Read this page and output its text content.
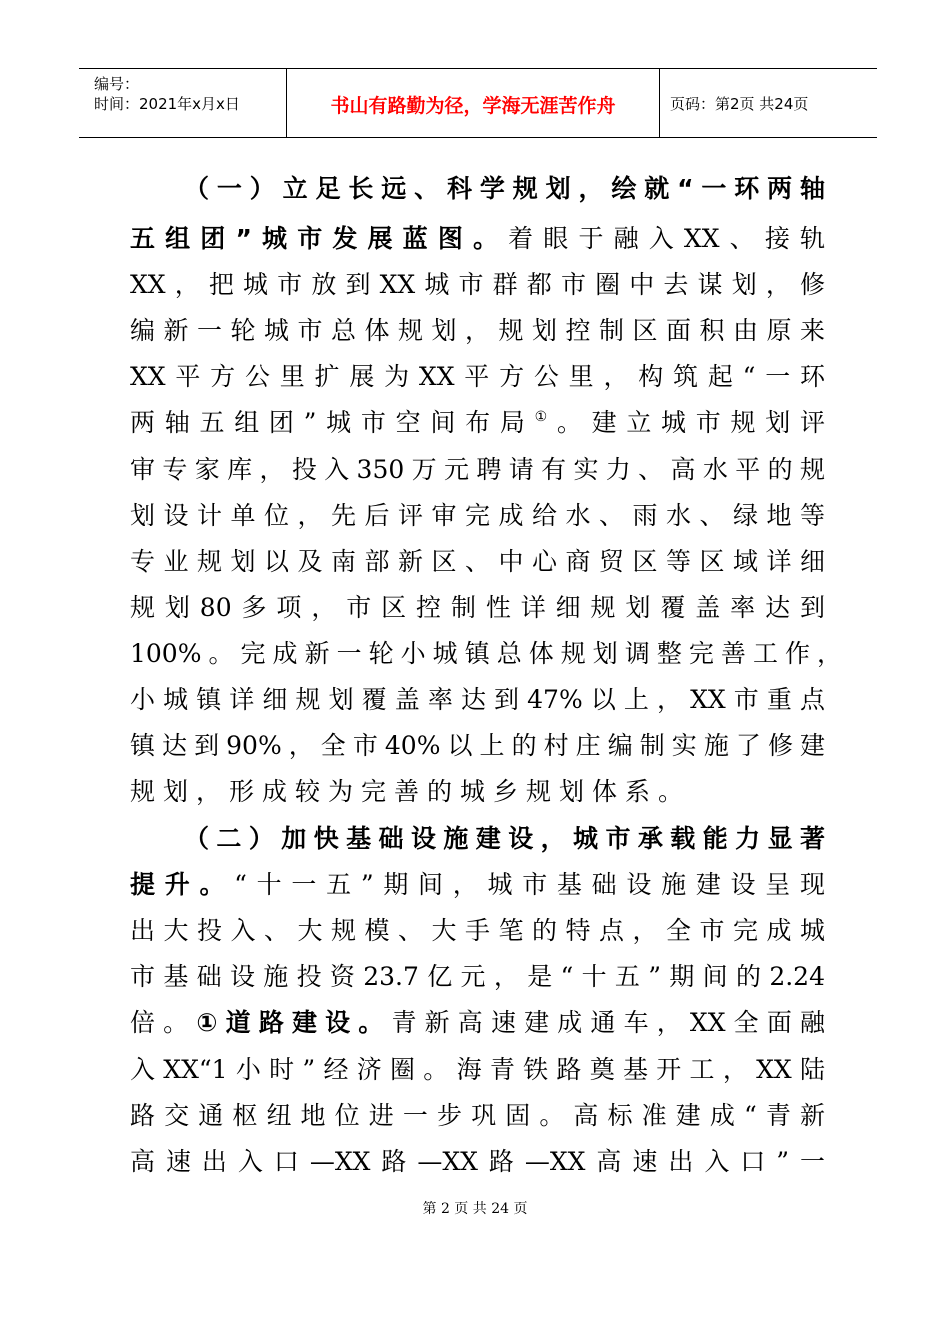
编号：
时间：2021年x月x日	书山有路勤为径，学海无涯苦作舟	页码：第2页 共24页
（一）立足长远、科学规划，绘就“一环两轴
五组团”城市发展蓝图。着眼于融入XX、接轨
XX，把城市放到XX城市群都市圈中去谋划，修
编新一轮城市总体规划，规划控制区面积由原来
XX平方公里扩展为XX平方公里，构筑起“一环
两轴五组团”城市空间布局①。建立城市规划评
审专家库，投入350万元聘请有实力、高水平的规
划设计单位，先后评审完成给水、雨水、绿地等
专业规划以及南部新区、中心商贸区等区域详细
规划80多项，市区控制性详细规划覆盖率达到
100%。完成新一轮小城镇总体规划调整完善工作，
小城镇详细规划覆盖率达到47%以上，XX市重点
镇达到90%，全市40%以上的村庄编制实施了修建
规划，形成较为完善的城乡规划体系。
（二）加快基础设施建设，城市承载能力显著
提升。“十一五”期间，城市基础设施建设呈现
出大投入、大规模、大手笔的特点，全市完成城
市基础设施投资23.7亿元，是“十五”期间的2.24
倍。①道路建设。青新高速建成通车，XX全面融
入XX“1小时”经济圈。海青铁路奠基开工，XX陆
路交通枢纽地位进一步巩固。高标准建成“青新
高速出入口—XX路—XX路—XX高速出入口”一
第 2 页 共 24 页
